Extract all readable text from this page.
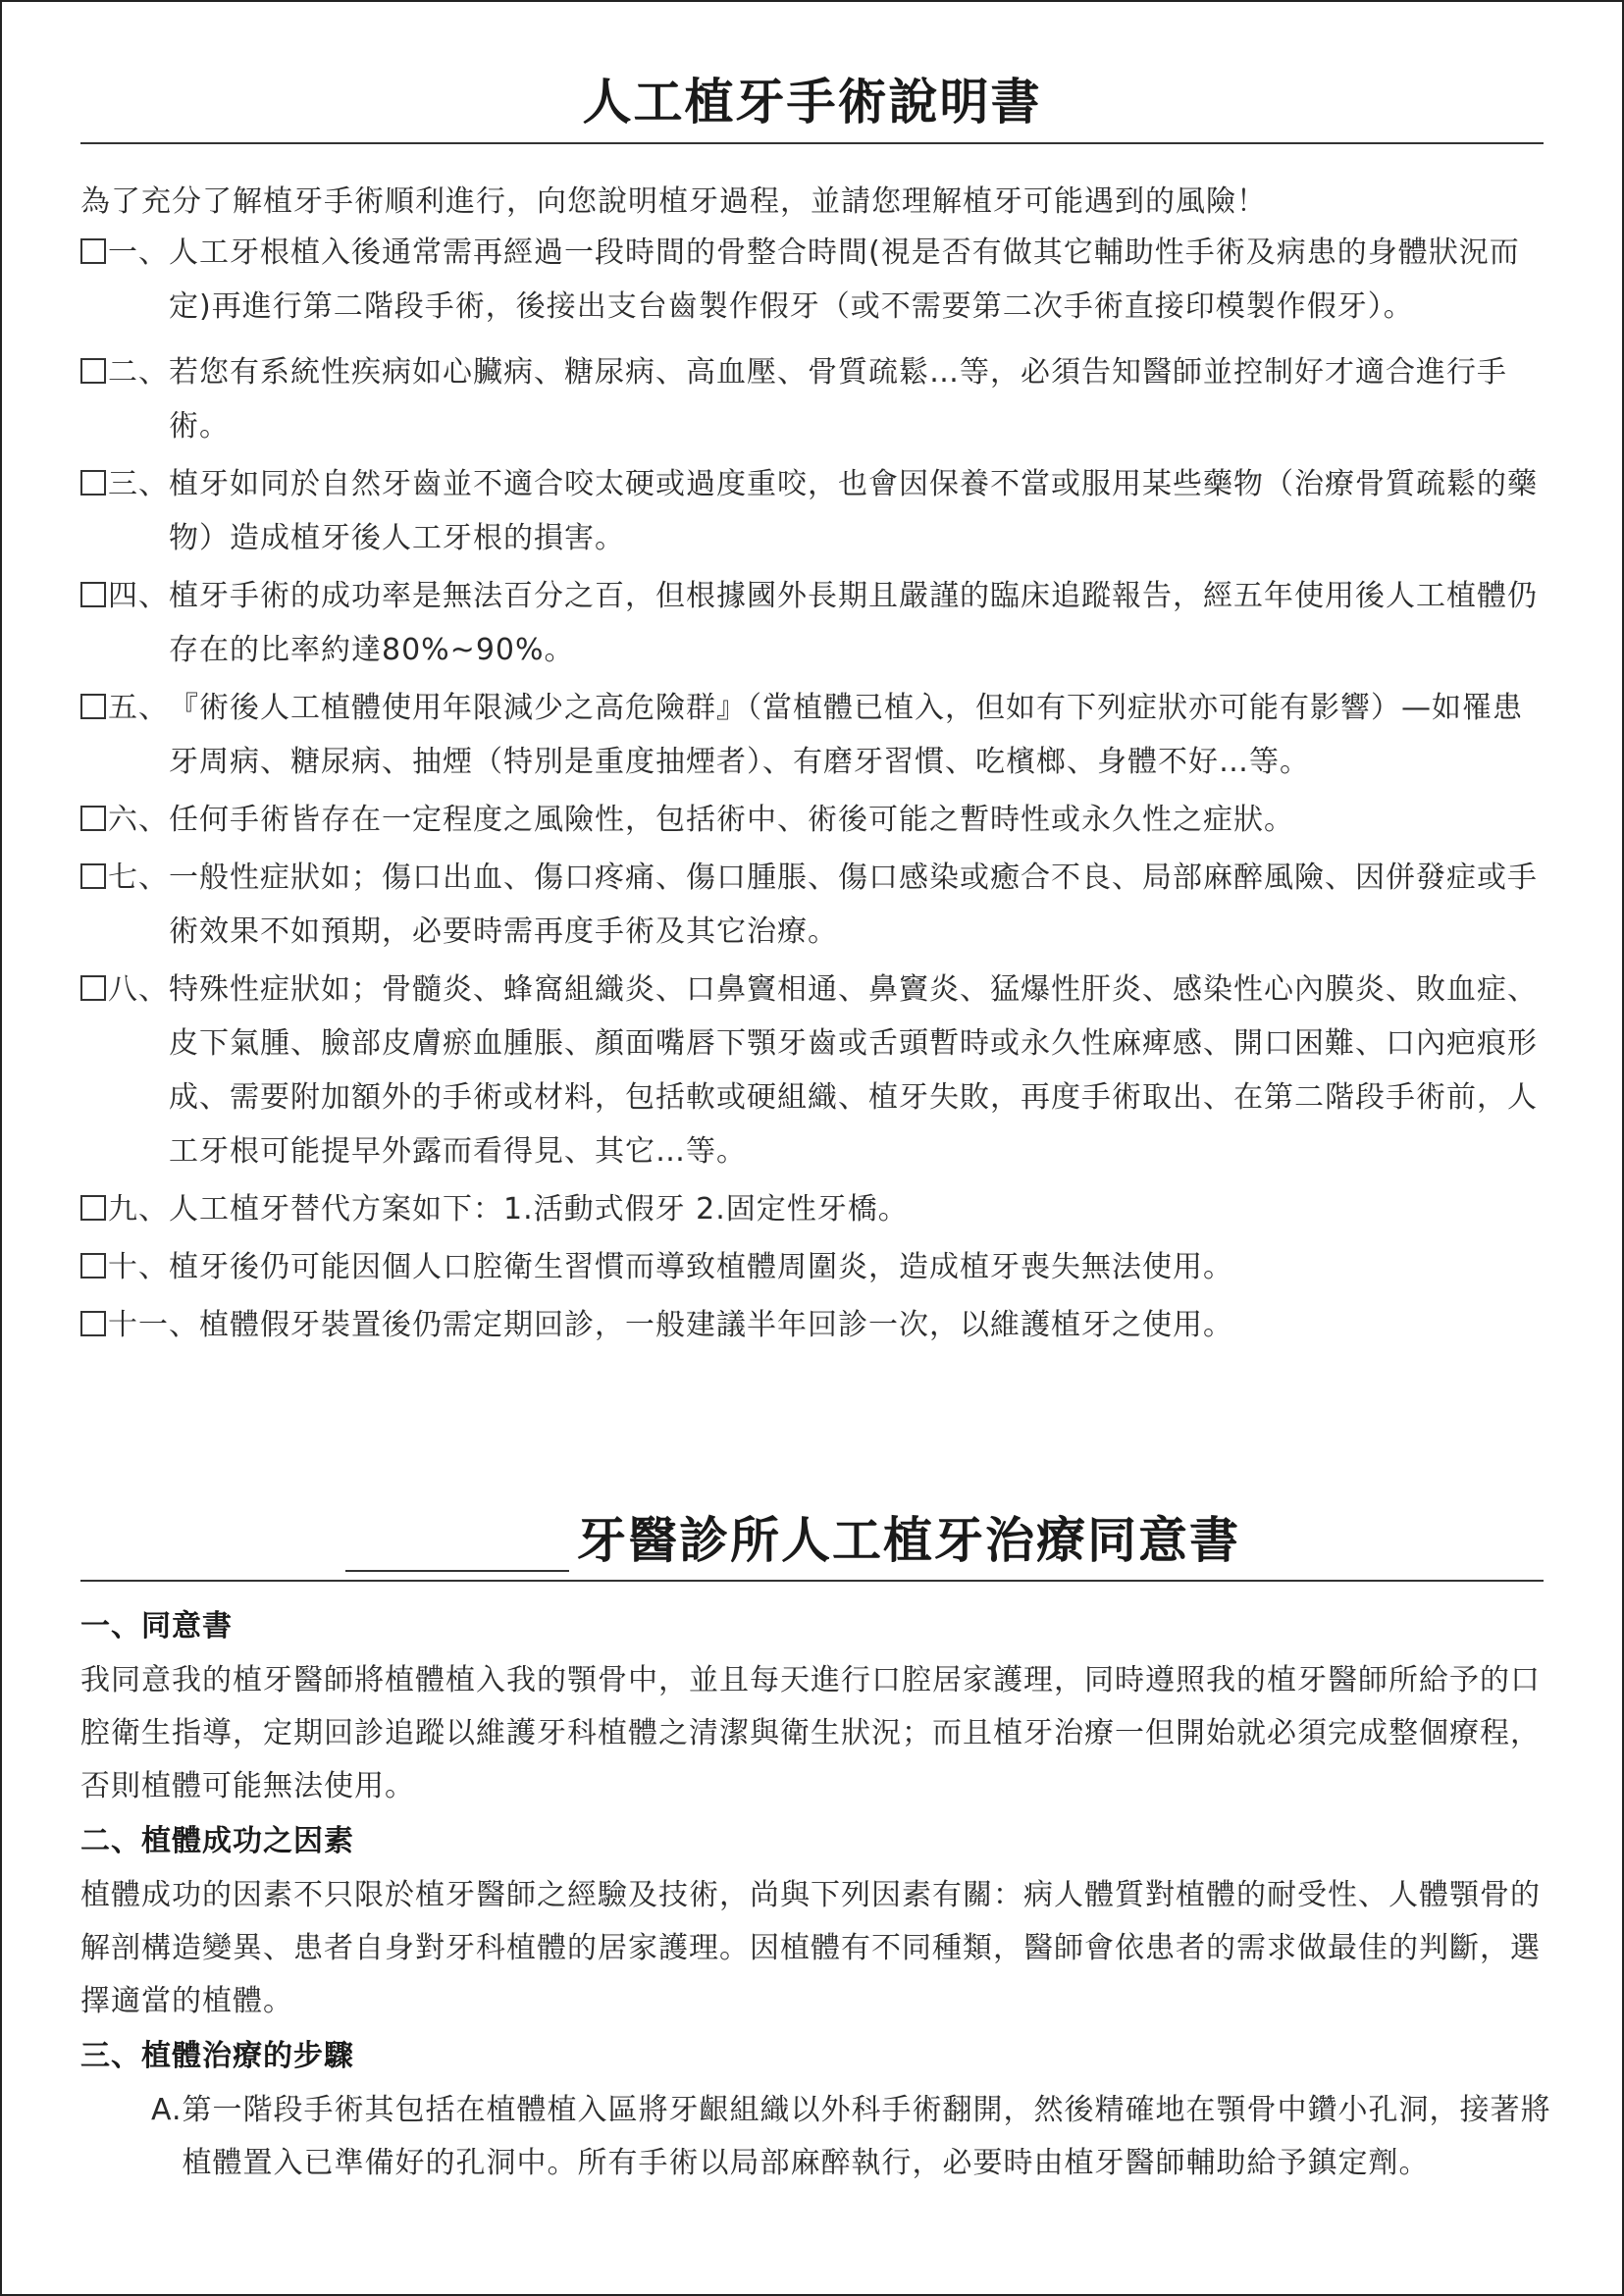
人工植牙手術說明書
為了充分了解植牙手術順利進行，向您說明植牙過程，並請您理解植牙可能遇到的風險！
一、 人工牙根植入後通常需再經過一段時間的骨整合時間(視是否有做其它輔助性手術及病患的身體狀況而定)再進行第二階段手術，後接出支台齒製作假牙（或不需要第二次手術直接印模製作假牙）。
二、 若您有系統性疾病如心臟病、糖尿病、高血壓、骨質疏鬆…等，必須告知醫師並控制好才適合進行手術。
三、 植牙如同於自然牙齒並不適合咬太硬或過度重咬，也會因保養不當或服用某些藥物（治療骨質疏鬆的藥物）造成植牙後人工牙根的損害。
四、 植牙手術的成功率是無法百分之百，但根據國外長期且嚴謹的臨床追蹤報告，經五年使用後人工植體仍存在的比率約達80%~90%。
五、 『術後人工植體使用年限減少之高危險群』（當植體已植入，但如有下列症狀亦可能有影響）—如罹患牙周病、糖尿病、抽煙（特別是重度抽煙者）、有磨牙習慣、吃檳榔、身體不好…等。
六、 任何手術皆存在一定程度之風險性，包括術中、術後可能之暫時性或永久性之症狀。
七、 一般性症狀如；傷口出血、傷口疼痛、傷口腫脹、傷口感染或癒合不良、局部麻醉風險、因併發症或手術效果不如預期，必要時需再度手術及其它治療。
八、 特殊性症狀如；骨髓炎、蜂窩組織炎、口鼻竇相通、鼻竇炎、猛爆性肝炎、感染性心內膜炎、敗血症、皮下氣腫、臉部皮膚瘀血腫脹、顏面嘴唇下顎牙齒或舌頭暫時或永久性麻痺感、開口困難、口內疤痕形成、需要附加額外的手術或材料，包括軟或硬組織、植牙失敗，再度手術取出、在第二階段手術前，人工牙根可能提早外露而看得見、其它…等。
九、 人工植牙替代方案如下：1.活動式假牙 2.固定性牙橋。
十、 植牙後仍可能因個人口腔衛生習慣而導致植體周圍炎，造成植牙喪失無法使用。
十一、 植體假牙裝置後仍需定期回診，一般建議半年回診一次，以維護植牙之使用。
牙醫診所人工植牙治療同意書
一、同意書
我同意我的植牙醫師將植體植入我的顎骨中，並且每天進行口腔居家護理，同時遵照我的植牙醫師所給予的口腔衛生指導，定期回診追蹤以維護牙科植體之清潔與衛生狀況；而且植牙治療一但開始就必須完成整個療程，否則植體可能無法使用。
二、植體成功之因素
植體成功的因素不只限於植牙醫師之經驗及技術，尚與下列因素有關：病人體質對植體的耐受性、人體顎骨的解剖構造變異、患者自身對牙科植體的居家護理。因植體有不同種類，醫師會依患者的需求做最佳的判斷，選擇適當的植體。
三、植體治療的步驟
A. 第一階段手術其包括在植體植入區將牙齦組織以外科手術翻開，然後精確地在顎骨中鑽小孔洞，接著將植體置入已準備好的孔洞中。所有手術以局部麻醉執行，必要時由植牙醫師輔助給予鎮定劑。
